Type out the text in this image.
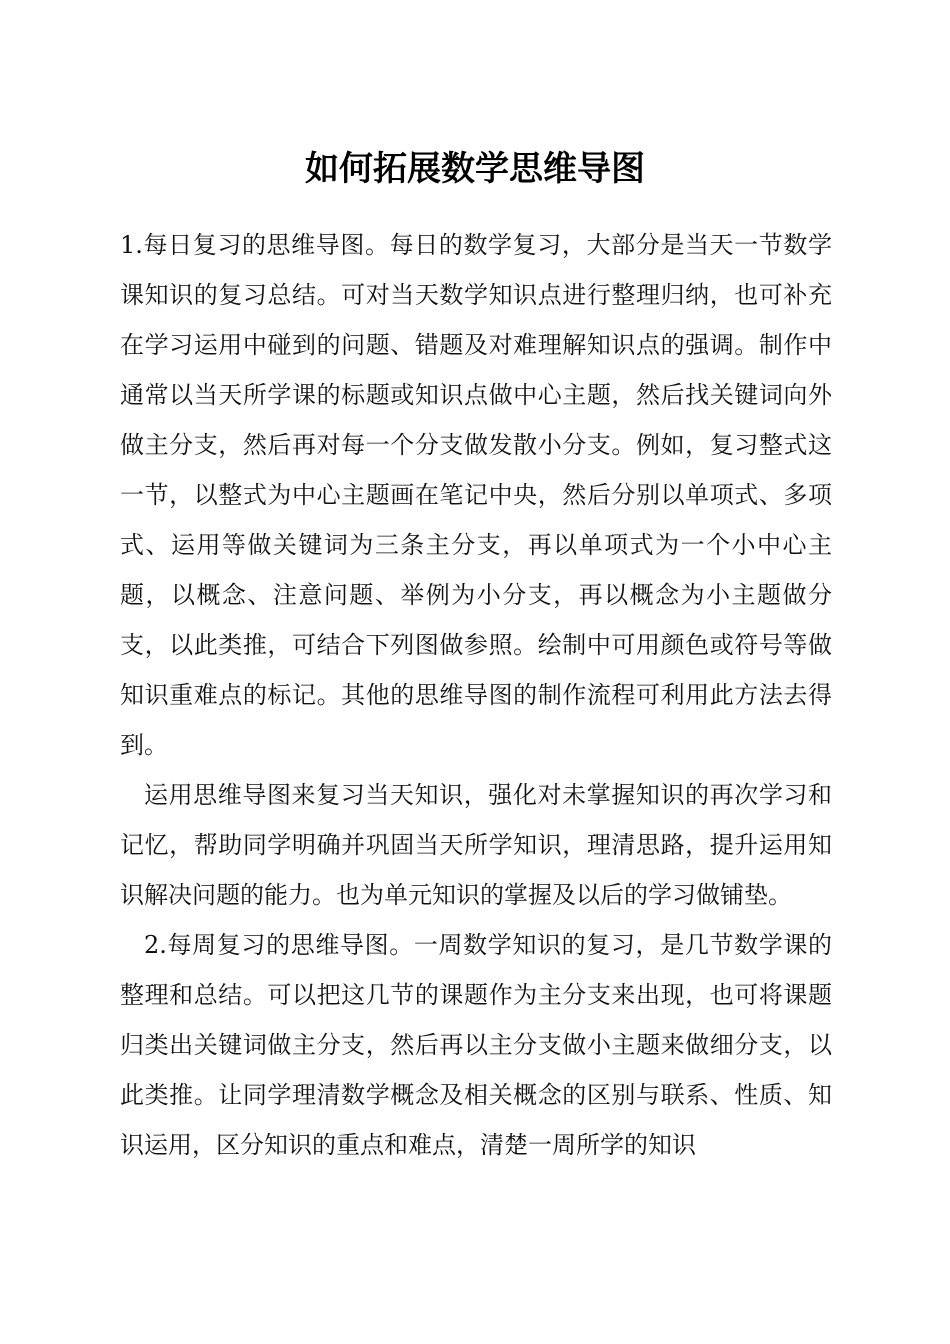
如何拓展数学思维导图

1.每日复习的思维导图。每日的数学复习，大部分是当天一节数学课知识的复习总结。可对当天数学知识点进行整理归纳，也可补充在学习运用中碰到的问题、错题及对难理解知识点的强调。制作中通常以当天所学课的标题或知识点做中心主题，然后找关键词向外做主分支，然后再对每一个分支做发散小分支。例如，复习整式这一节，以整式为中心主题画在笔记中央，然后分别以单项式、多项式、运用等做关键词为三条主分支，再以单项式为一个小中心主题，以概念、注意问题、举例为小分支，再以概念为小主题做分支，以此类推，可结合下列图做参照。绘制中可用颜色或符号等做知识重难点的标记。其他的思维导图的制作流程可利用此方法去得到。

运用思维导图来复习当天知识，强化对未掌握知识的再次学习和记忆，帮助同学明确并巩固当天所学知识，理清思路，提升运用知识解决问题的能力。也为单元知识的掌握及以后的学习做铺垫。

2.每周复习的思维导图。一周数学知识的复习，是几节数学课的整理和总结。可以把这几节的课题作为主分支来出现，也可将课题归类出关键词做主分支，然后再以主分支做小主题来做细分支，以此类推。让同学理清数学概念及相关概念的区别与联系、性质、知识运用，区分知识的重点和难点，清楚一周所学的知识
